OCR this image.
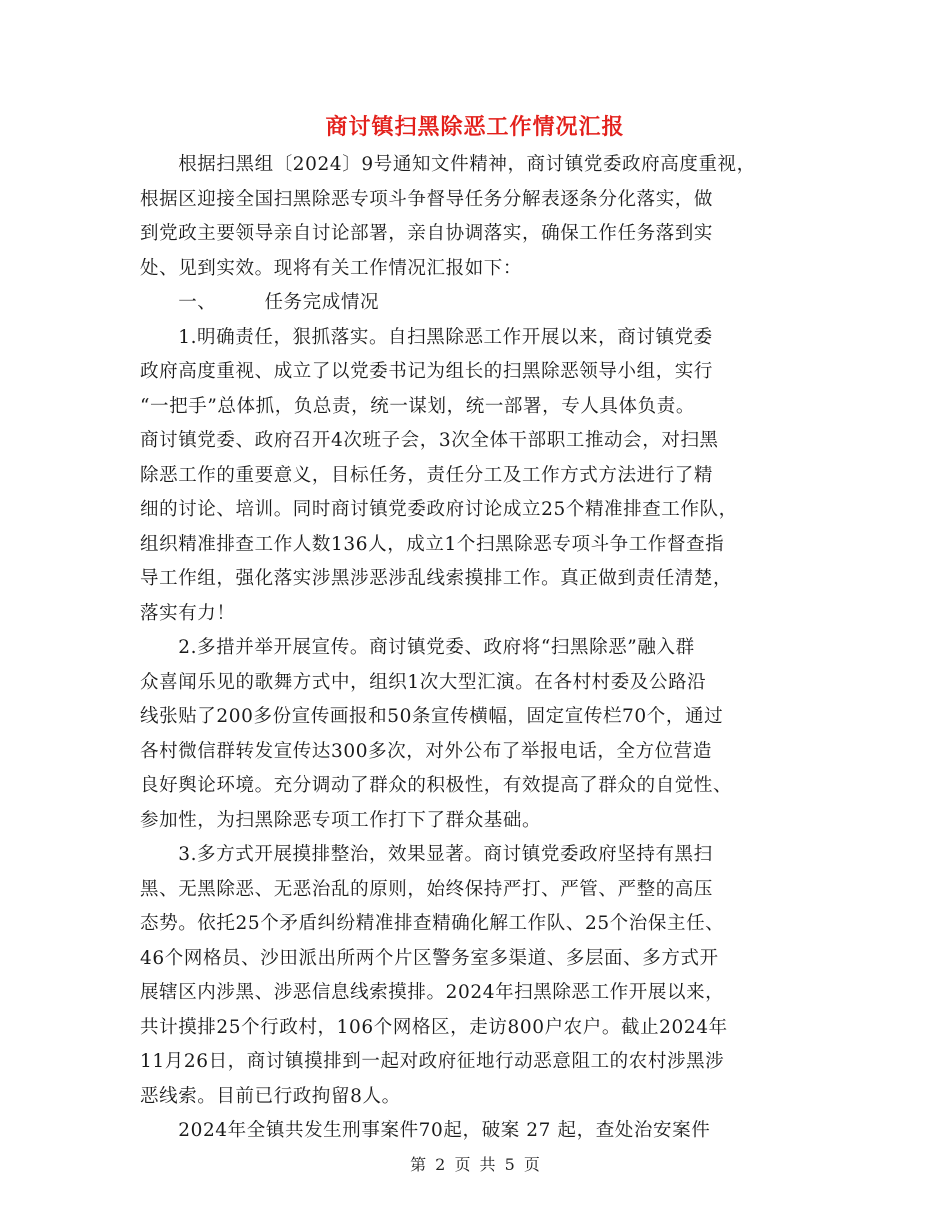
商讨镇扫黑除恶工作情况汇报
　　根据扫黑组〔2024〕9号通知文件精神，商讨镇党委政府高度重视，
根据区迎接全国扫黑除恶专项斗争督导任务分解表逐条分化落实，做
到党政主要领导亲自讨论部署，亲自协调落实，确保工作任务落到实
处、见到实效。现将有关工作情况汇报如下：
　　一、　　　任务完成情况
　　1.明确责任，狠抓落实。自扫黑除恶工作开展以来，商讨镇党委
政府高度重视、成立了以党委书记为组长的扫黑除恶领导小组，实行
“一把手”总体抓，负总责，统一谋划，统一部署，专人具体负责。
商讨镇党委、政府召开4次班子会，3次全体干部职工推动会，对扫黑
除恶工作的重要意义，目标任务，责任分工及工作方式方法进行了精
细的讨论、培训。同时商讨镇党委政府讨论成立25个精准排查工作队，
组织精准排查工作人数136人，成立1个扫黑除恶专项斗争工作督查指
导工作组，强化落实涉黑涉恶涉乱线索摸排工作。真正做到责任清楚，
落实有力！
　　2.多措并举开展宣传。商讨镇党委、政府将“扫黑除恶”融入群
众喜闻乐见的歌舞方式中，组织1次大型汇演。在各村村委及公路沿
线张贴了200多份宣传画报和50条宣传横幅，固定宣传栏70个，通过
各村微信群转发宣传达300多次，对外公布了举报电话，全方位营造
良好舆论环境。充分调动了群众的积极性，有效提高了群众的自觉性、
参加性，为扫黑除恶专项工作打下了群众基础。
　　3.多方式开展摸排整治，效果显著。商讨镇党委政府坚持有黑扫
黑、无黑除恶、无恶治乱的原则，始终保持严打、严管、严整的高压
态势。依托25个矛盾纠纷精准排查精确化解工作队、25个治保主任、
46个网格员、沙田派出所两个片区警务室多渠道、多层面、多方式开
展辖区内涉黑、涉恶信息线索摸排。2024年扫黑除恶工作开展以来，
共计摸排25个行政村，106个网格区，走访800户农户。截止2024年
11月26日，商讨镇摸排到一起对政府征地行动恶意阻工的农村涉黑涉
恶线索。目前已行政拘留8人。
　　2024年全镇共发生刑事案件70起，破案 27 起，查处治安案件
第 2 页 共 5 页
